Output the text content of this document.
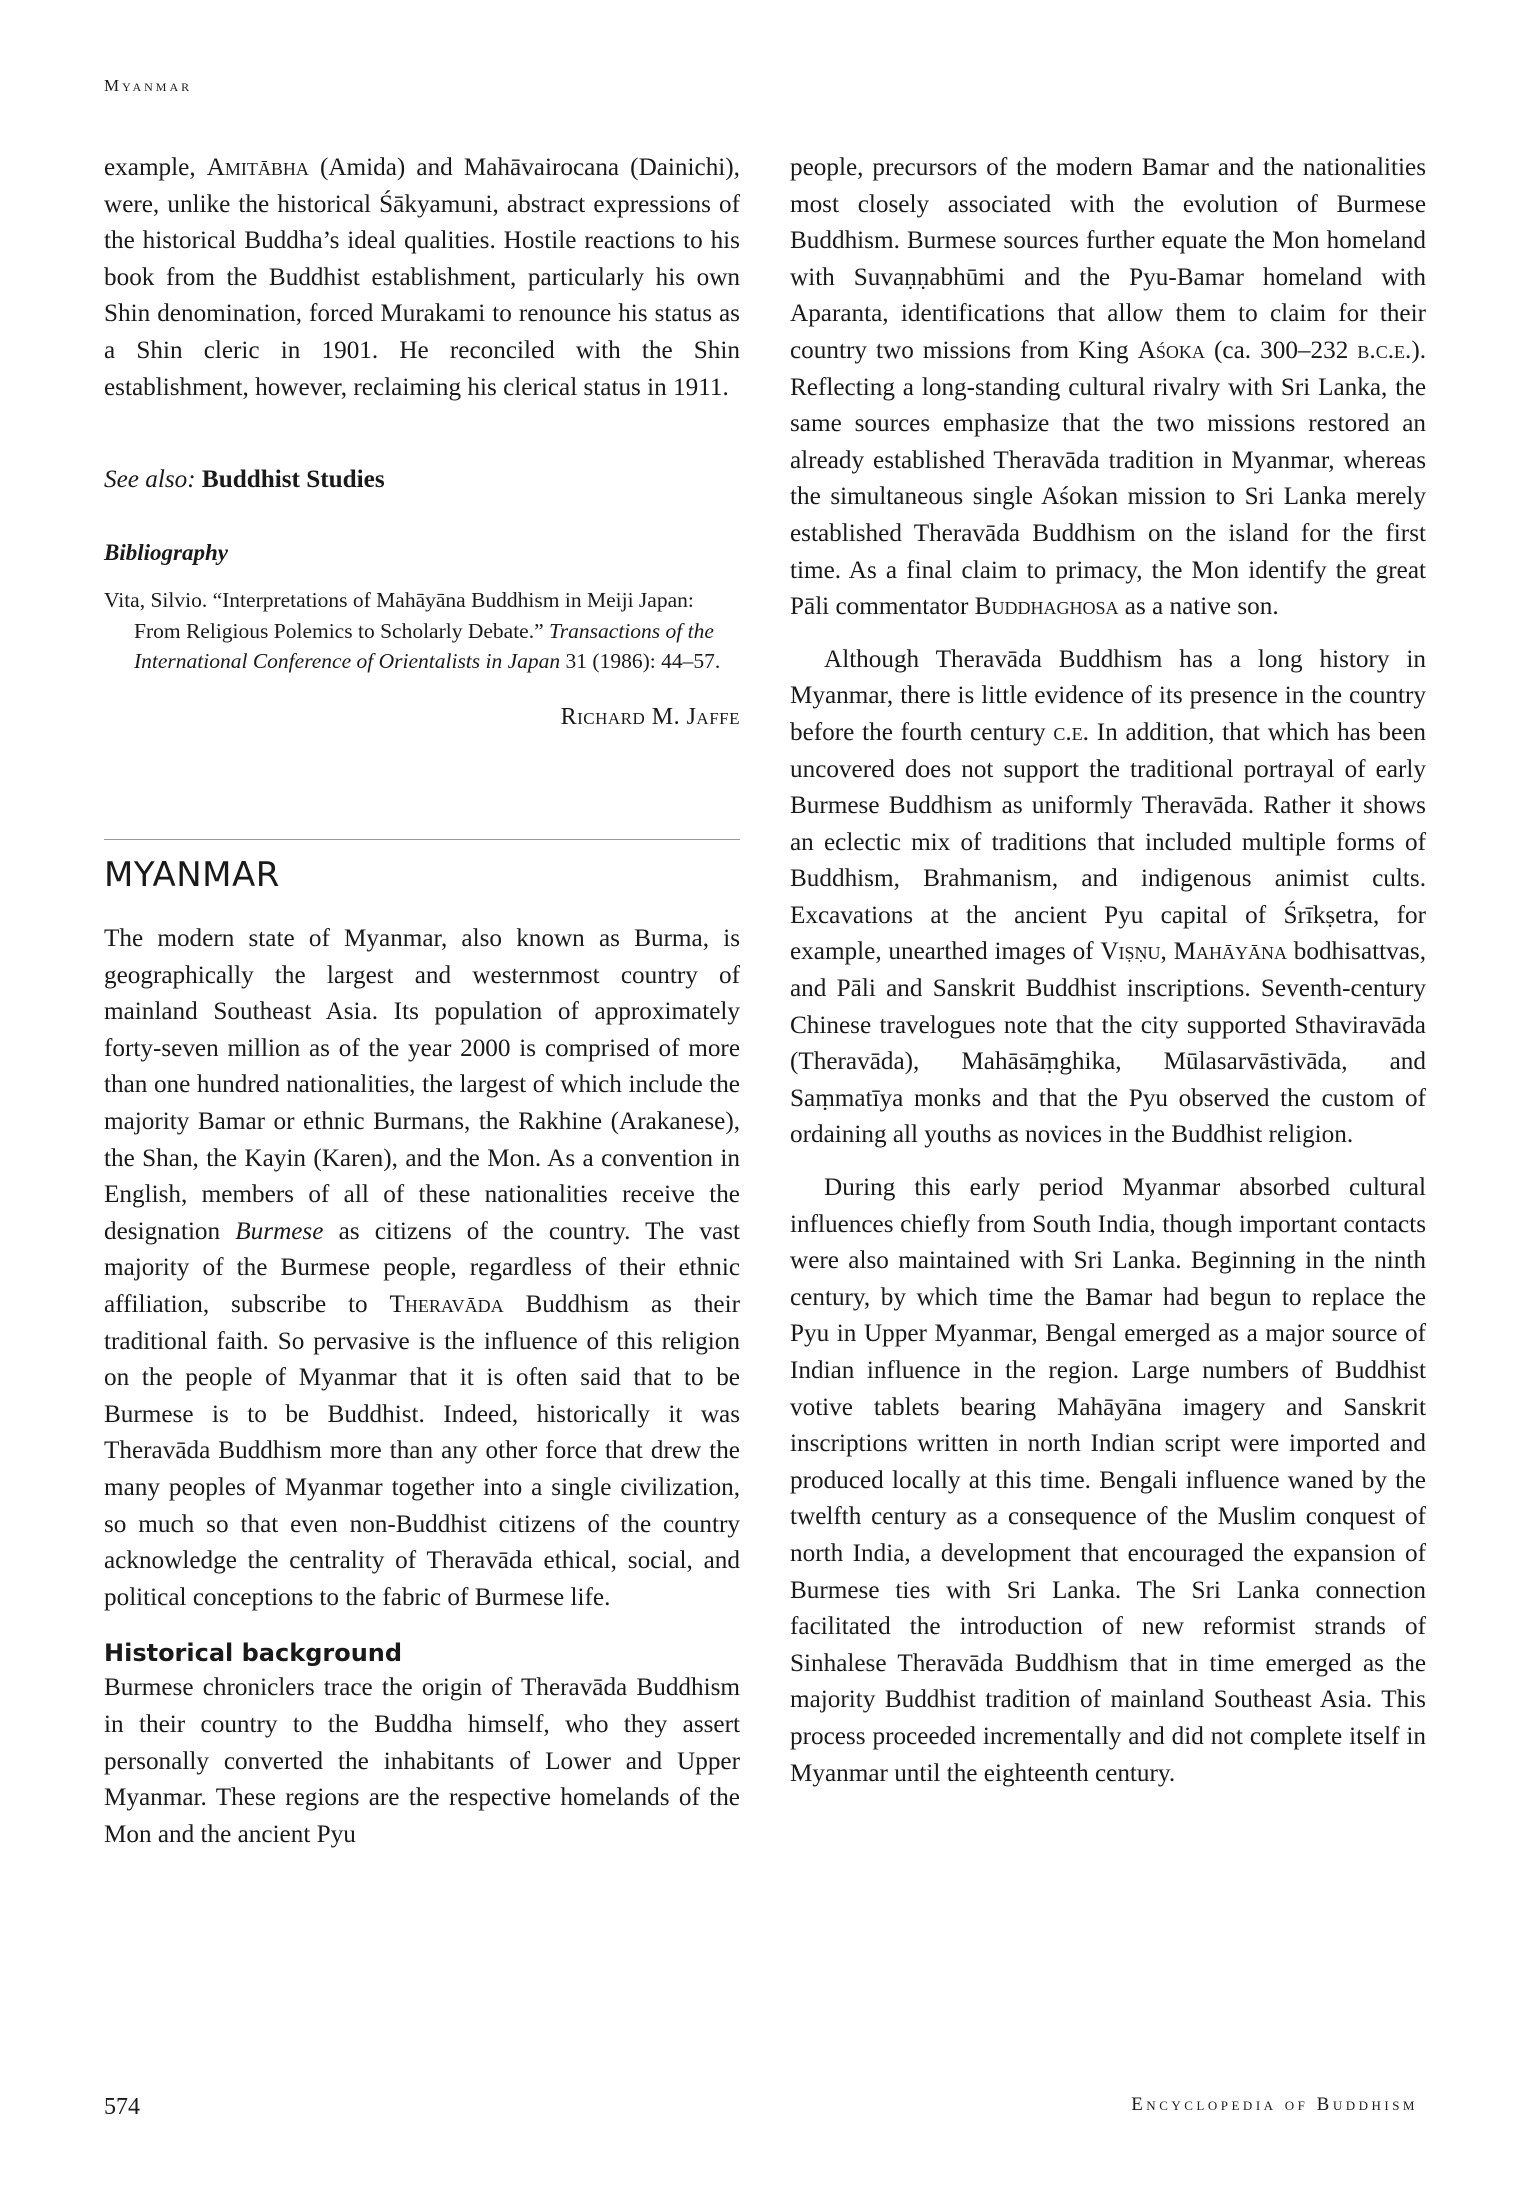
Myanmar

example, Amitābha (Amida) and Mahāvairocana (Dainichi), were, unlike the historical Śākyamuni, abstract expressions of the historical Buddha’s ideal qualities. Hostile reactions to his book from the Buddhist establishment, particularly his own Shin denomination, forced Murakami to renounce his status as a Shin cleric in 1901. He reconciled with the Shin establishment, however, reclaiming his clerical status in 1911.

See also: Buddhist Studies

Bibliography

Vita, Silvio. “Interpretations of Mahāyāna Buddhism in Meiji Japan: From Religious Polemics to Scholarly Debate.” Transactions of the International Conference of Orientalists in Japan 31 (1986): 44–57.

Richard M. Jaffe

MYANMAR

The modern state of Myanmar, also known as Burma, is geographically the largest and westernmost country of mainland Southeast Asia. Its population of approximately forty-seven million as of the year 2000 is comprised of more than one hundred nationalities, the largest of which include the majority Bamar or ethnic Burmans, the Rakhine (Arakanese), the Shan, the Kayin (Karen), and the Mon. As a convention in English, members of all of these nationalities receive the designation Burmese as citizens of the country. The vast majority of the Burmese people, regardless of their ethnic affiliation, subscribe to Theravāda Buddhism as their traditional faith. So pervasive is the influence of this religion on the people of Myanmar that it is often said that to be Burmese is to be Buddhist. Indeed, historically it was Theravāda Buddhism more than any other force that drew the many peoples of Myanmar together into a single civilization, so much so that even non-Buddhist citizens of the country acknowledge the centrality of Theravāda ethical, social, and political conceptions to the fabric of Burmese life.

Historical background

Burmese chroniclers trace the origin of Theravāda Buddhism in their country to the Buddha himself, who they assert personally converted the inhabitants of Lower and Upper Myanmar. These regions are the respective homelands of the Mon and the ancient Pyu

people, precursors of the modern Bamar and the nationalities most closely associated with the evolution of Burmese Buddhism. Burmese sources further equate the Mon homeland with Suvaṇṇabhūmi and the Pyu-Bamar homeland with Aparanta, identifications that allow them to claim for their country two missions from King Aśoka (ca. 300–232 b.c.e.). Reflecting a long-standing cultural rivalry with Sri Lanka, the same sources emphasize that the two missions restored an already established Theravāda tradition in Myanmar, whereas the simultaneous single Aśokan mission to Sri Lanka merely established Theravāda Buddhism on the island for the first time. As a final claim to primacy, the Mon identify the great Pāli commentator Buddhaghosa as a native son.

Although Theravāda Buddhism has a long history in Myanmar, there is little evidence of its presence in the country before the fourth century c.e. In addition, that which has been uncovered does not support the traditional portrayal of early Burmese Buddhism as uniformly Theravāda. Rather it shows an eclectic mix of traditions that included multiple forms of Buddhism, Brahmanism, and indigenous animist cults. Excavations at the ancient Pyu capital of Śrīkṣetra, for example, unearthed images of Viṣṇu, Mahāyāna bodhisattvas, and Pāli and Sanskrit Buddhist inscriptions. Seventh-century Chinese travelogues note that the city supported Sthaviravāda (Theravāda), Mahāsāṃghika, Mūlasarvāstivāda, and Saṃmatīya monks and that the Pyu observed the custom of ordaining all youths as novices in the Buddhist religion.

During this early period Myanmar absorbed cultural influences chiefly from South India, though important contacts were also maintained with Sri Lanka. Beginning in the ninth century, by which time the Bamar had begun to replace the Pyu in Upper Myanmar, Bengal emerged as a major source of Indian influence in the region. Large numbers of Buddhist votive tablets bearing Mahāyāna imagery and Sanskrit inscriptions written in north Indian script were imported and produced locally at this time. Bengali influence waned by the twelfth century as a consequence of the Muslim conquest of north India, a development that encouraged the expansion of Burmese ties with Sri Lanka. The Sri Lanka connection facilitated the introduction of new reformist strands of Sinhalese Theravāda Buddhism that in time emerged as the majority Buddhist tradition of mainland Southeast Asia. This process proceeded incrementally and did not complete itself in Myanmar until the eighteenth century.

574	Encyclopedia of Buddhism
